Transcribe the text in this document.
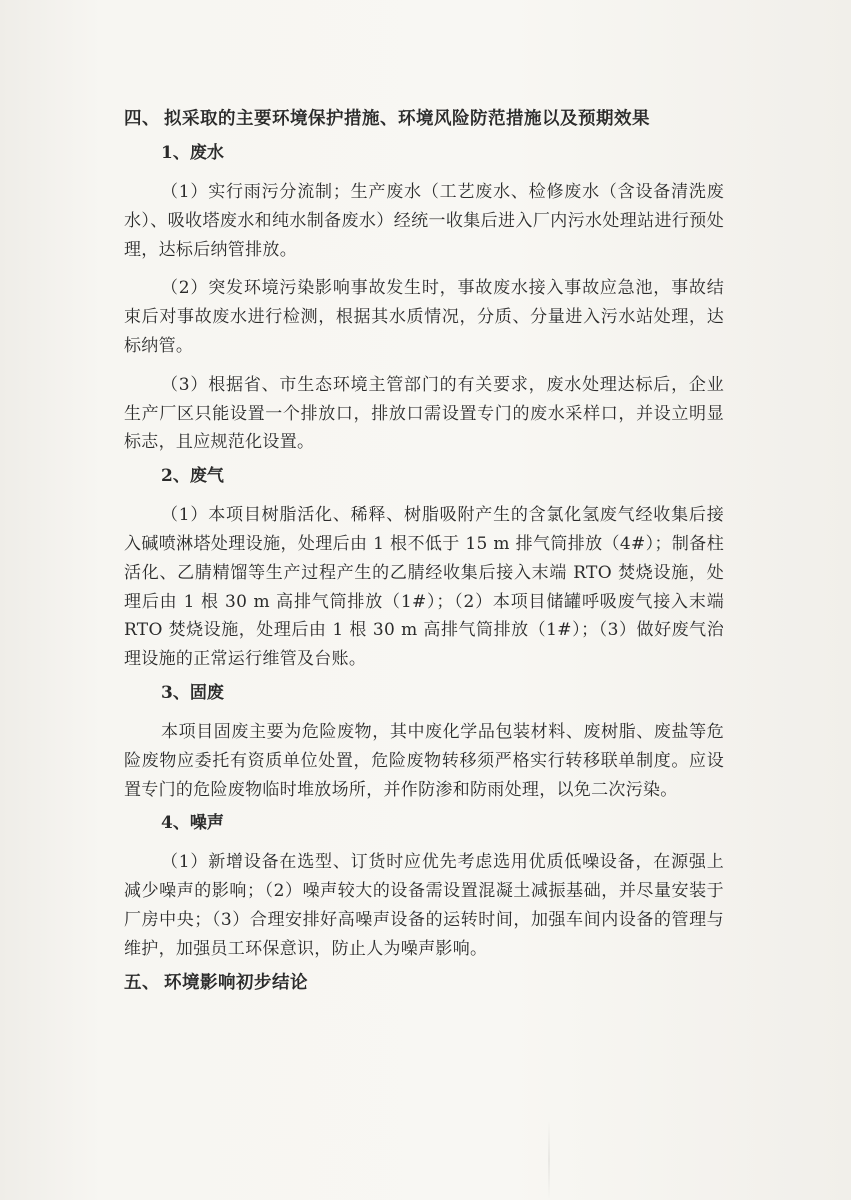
四、 拟采取的主要环境保护措施、环境风险防范措施以及预期效果
1、废水

（1）实行雨污分流制；生产废水（工艺废水、检修废水（含设备清洗废水）、吸收塔废水和纯水制备废水）经统一收集后进入厂内污水处理站进行预处理，达标后纳管排放。

（2）突发环境污染影响事故发生时，事故废水接入事故应急池，事故结束后对事故废水进行检测，根据其水质情况，分质、分量进入污水站处理，达标纳管。

（3）根据省、市生态环境主管部门的有关要求，废水处理达标后，企业生产厂区只能设置一个排放口，排放口需设置专门的废水采样口，并设立明显标志，且应规范化设置。

2、废气

（1）本项目树脂活化、稀释、树脂吸附产生的含氯化氢废气经收集后接入碱喷淋塔处理设施，处理后由 1 根不低于 15 m 排气筒排放（4#）；制备柱活化、乙腈精馏等生产过程产生的乙腈经收集后接入末端 RTO 焚烧设施，处理后由 1 根 30 m 高排气筒排放（1#）；（2）本项目储罐呼吸废气接入末端 RTO 焚烧设施，处理后由 1 根 30 m 高排气筒排放（1#）；（3）做好废气治理设施的正常运行维管及台账。

3、固废

本项目固废主要为危险废物，其中废化学品包装材料、废树脂、废盐等危险废物应委托有资质单位处置，危险废物转移须严格实行转移联单制度。应设置专门的危险废物临时堆放场所，并作防渗和防雨处理，以免二次污染。

4、噪声

（1）新增设备在选型、订货时应优先考虑选用优质低噪设备，在源强上减少噪声的影响；（2）噪声较大的设备需设置混凝土减振基础，并尽量安装于厂房中央；（3）合理安排好高噪声设备的运转时间，加强车间内设备的管理与维护，加强员工环保意识，防止人为噪声影响。

五、 环境影响初步结论
